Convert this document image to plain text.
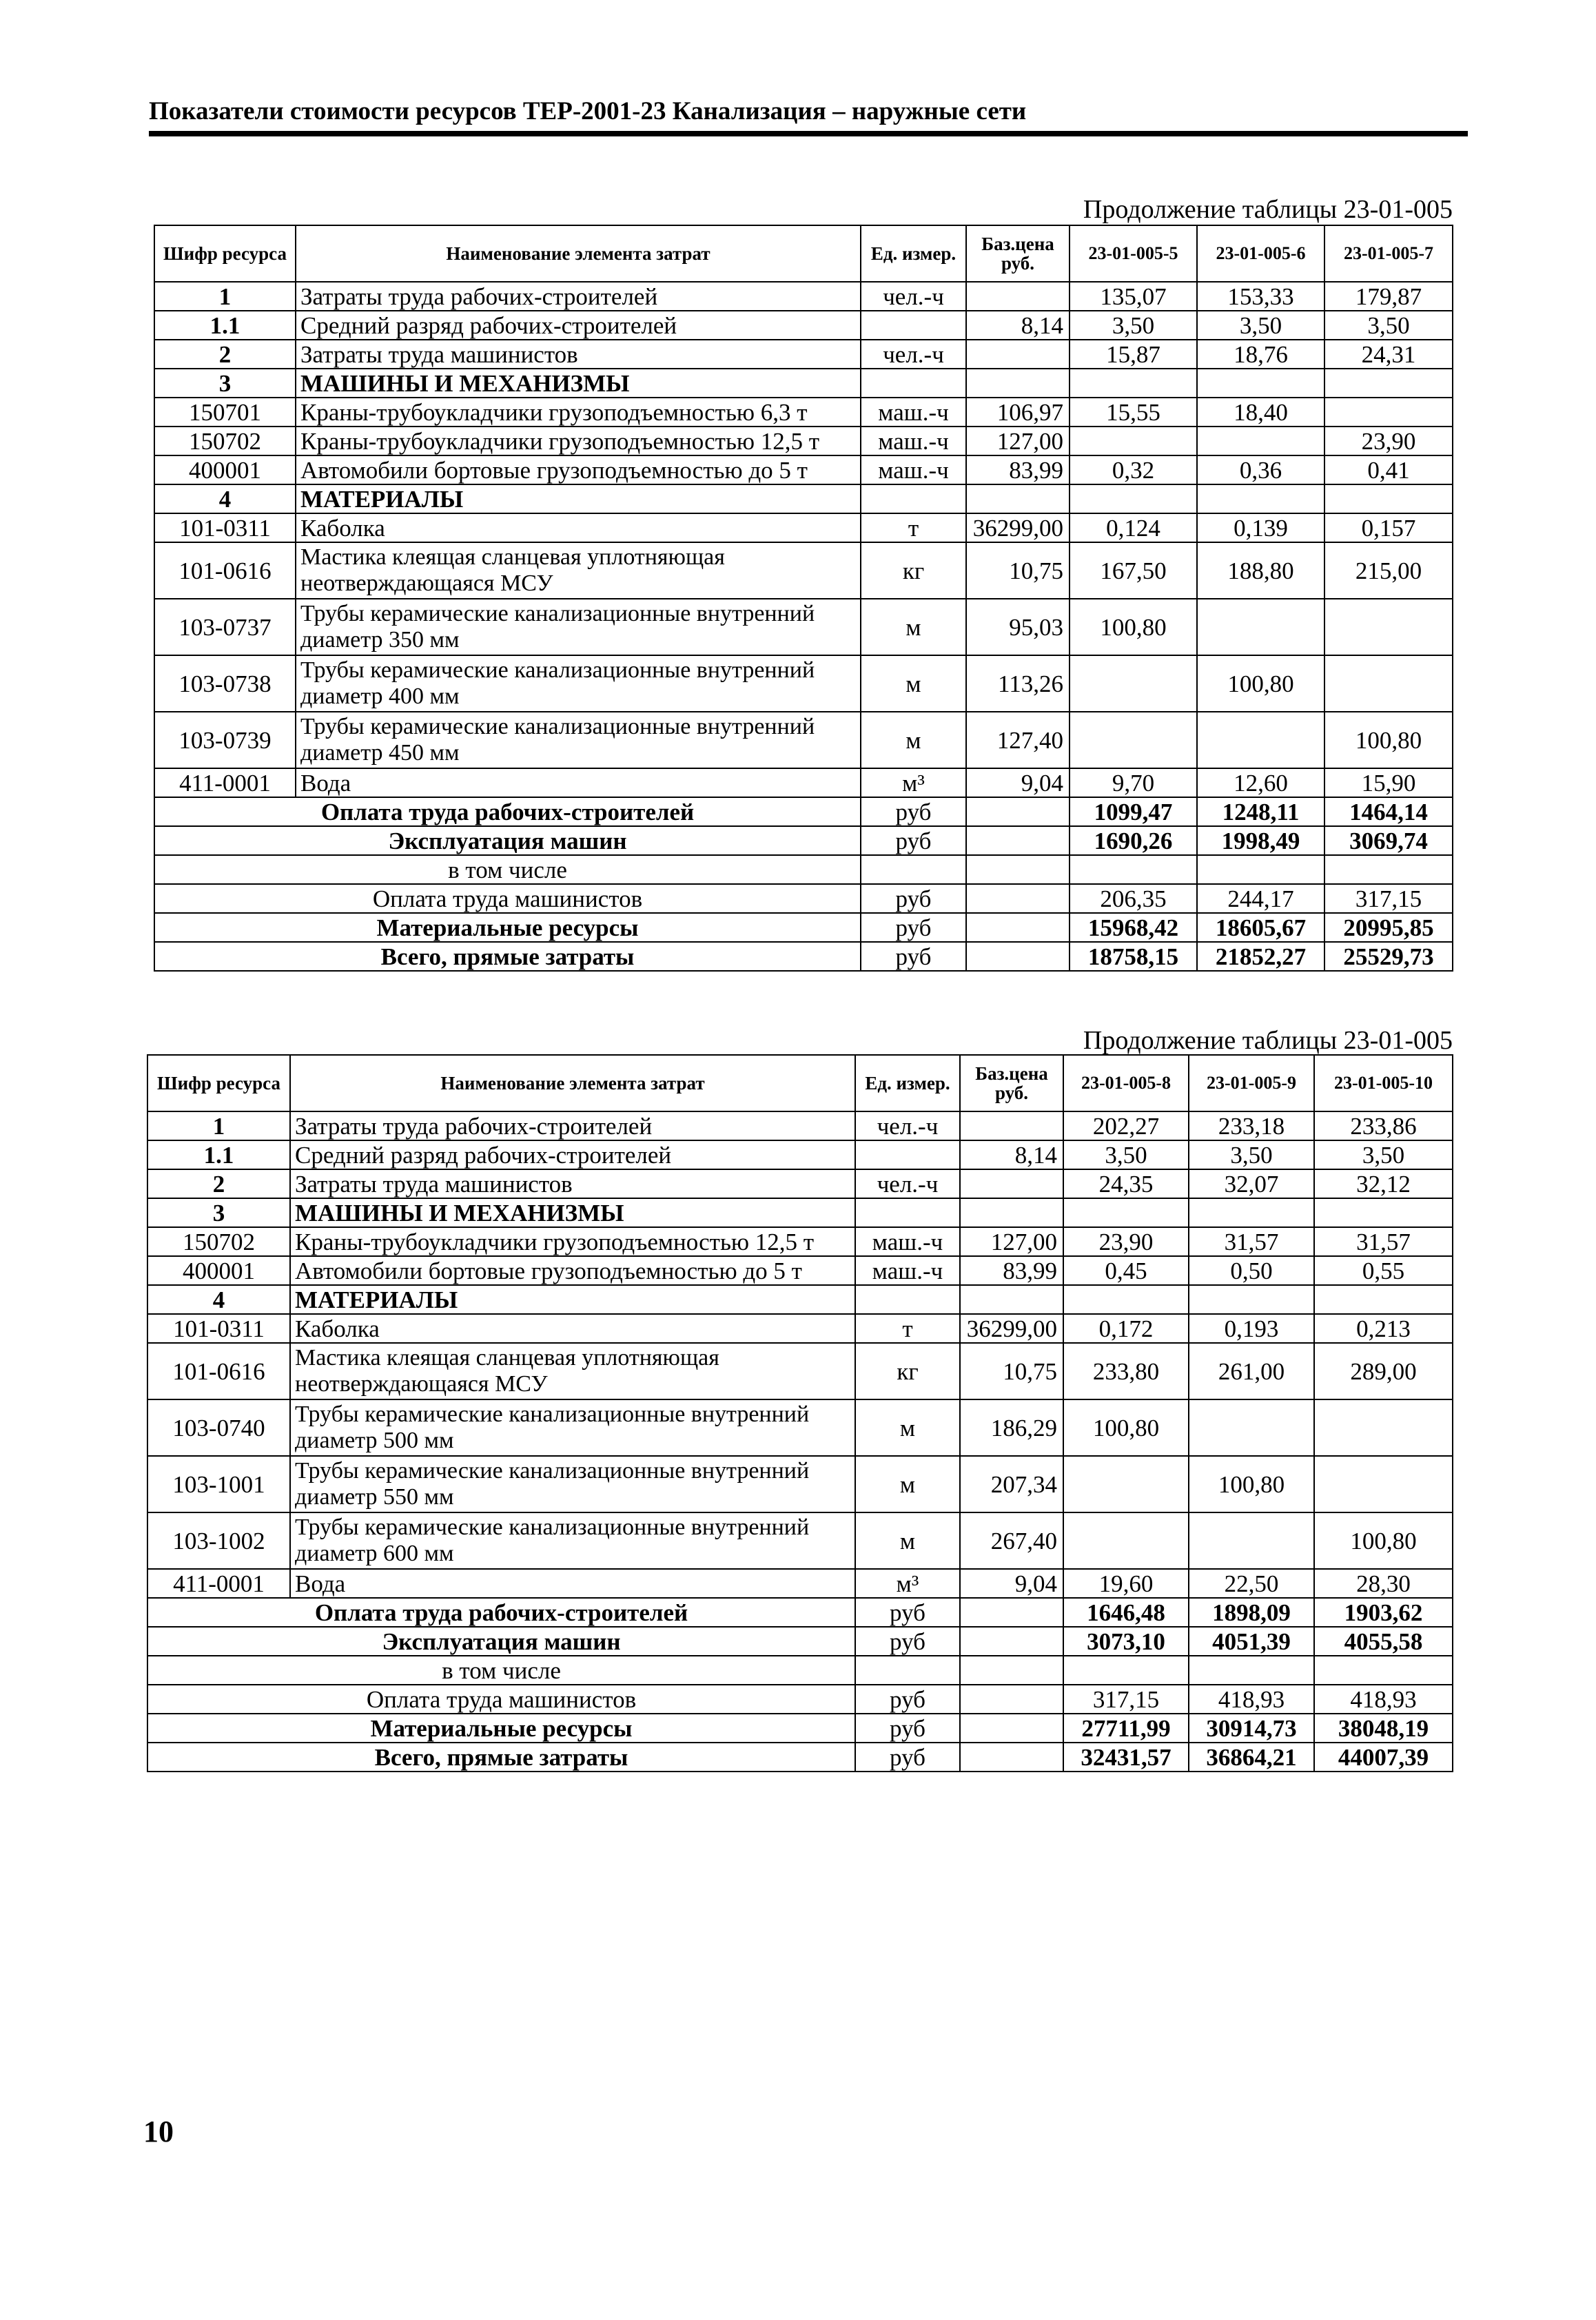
Показатели стоимости ресурсов ТЕР-2001-23 Канализация – наружные сети
Продолжение таблицы 23-01-005
Шифр ресурса	Наименование элемента затрат	Ед. измер.	Баз.цена руб.	23-01-005-5	23-01-005-6	23-01-005-7
1	Затраты труда рабочих-строителей	чел.-ч		135,07	153,33	179,87
1.1	Средний разряд рабочих-строителей		8,14	3,50	3,50	3,50
2	Затраты труда машинистов	чел.-ч		15,87	18,76	24,31
3	МАШИНЫ И МЕХАНИЗМЫ					
150701	Краны-трубоукладчики грузоподъемностью 6,3 т	маш.-ч	106,97	15,55	18,40	
150702	Краны-трубоукладчики грузоподъемностью 12,5 т	маш.-ч	127,00			23,90
400001	Автомобили бортовые грузоподъемностью до 5 т	маш.-ч	83,99	0,32	0,36	0,41
4	МАТЕРИАЛЫ					
101-0311	Каболка	т	36299,00	0,124	0,139	0,157
101-0616	Мастика клеящая сланцевая уплотняющая неотверждающаяся МСУ	кг	10,75	167,50	188,80	215,00
103-0737	Трубы керамические канализационные внутренний диаметр 350 мм	м	95,03	100,80		
103-0738	Трубы керамические канализационные внутренний диаметр 400 мм	м	113,26		100,80	
103-0739	Трубы керамические канализационные внутренний диаметр 450 мм	м	127,40			100,80
411-0001	Вода	м³	9,04	9,70	12,60	15,90
Оплата труда рабочих-строителей		руб		1099,47	1248,11	1464,14
Эксплуатация машин		руб		1690,26	1998,49	3069,74
в том числе						
Оплата труда машинистов		руб		206,35	244,17	317,15
Материальные ресурсы		руб		15968,42	18605,67	20995,85
Всего, прямые затраты		руб		18758,15	21852,27	25529,73
Продолжение таблицы 23-01-005
Шифр ресурса	Наименование элемента затрат	Ед. измер.	Баз.цена руб.	23-01-005-8	23-01-005-9	23-01-005-10
1	Затраты труда рабочих-строителей	чел.-ч		202,27	233,18	233,86
1.1	Средний разряд рабочих-строителей		8,14	3,50	3,50	3,50
2	Затраты труда машинистов	чел.-ч		24,35	32,07	32,12
3	МАШИНЫ И МЕХАНИЗМЫ					
150702	Краны-трубоукладчики грузоподъемностью 12,5 т	маш.-ч	127,00	23,90	31,57	31,57
400001	Автомобили бортовые грузоподъемностью до 5 т	маш.-ч	83,99	0,45	0,50	0,55
4	МАТЕРИАЛЫ					
101-0311	Каболка	т	36299,00	0,172	0,193	0,213
101-0616	Мастика клеящая сланцевая уплотняющая неотверждающаяся МСУ	кг	10,75	233,80	261,00	289,00
103-0740	Трубы керамические канализационные внутренний диаметр 500 мм	м	186,29	100,80		
103-1001	Трубы керамические канализационные внутренний диаметр 550 мм	м	207,34		100,80	
103-1002	Трубы керамические канализационные внутренний диаметр 600 мм	м	267,40			100,80
411-0001	Вода	м³	9,04	19,60	22,50	28,30
Оплата труда рабочих-строителей		руб		1646,48	1898,09	1903,62
Эксплуатация машин		руб		3073,10	4051,39	4055,58
в том числе						
Оплата труда машинистов		руб		317,15	418,93	418,93
Материальные ресурсы		руб		27711,99	30914,73	38048,19
Всего, прямые затраты		руб		32431,57	36864,21	44007,39
10
